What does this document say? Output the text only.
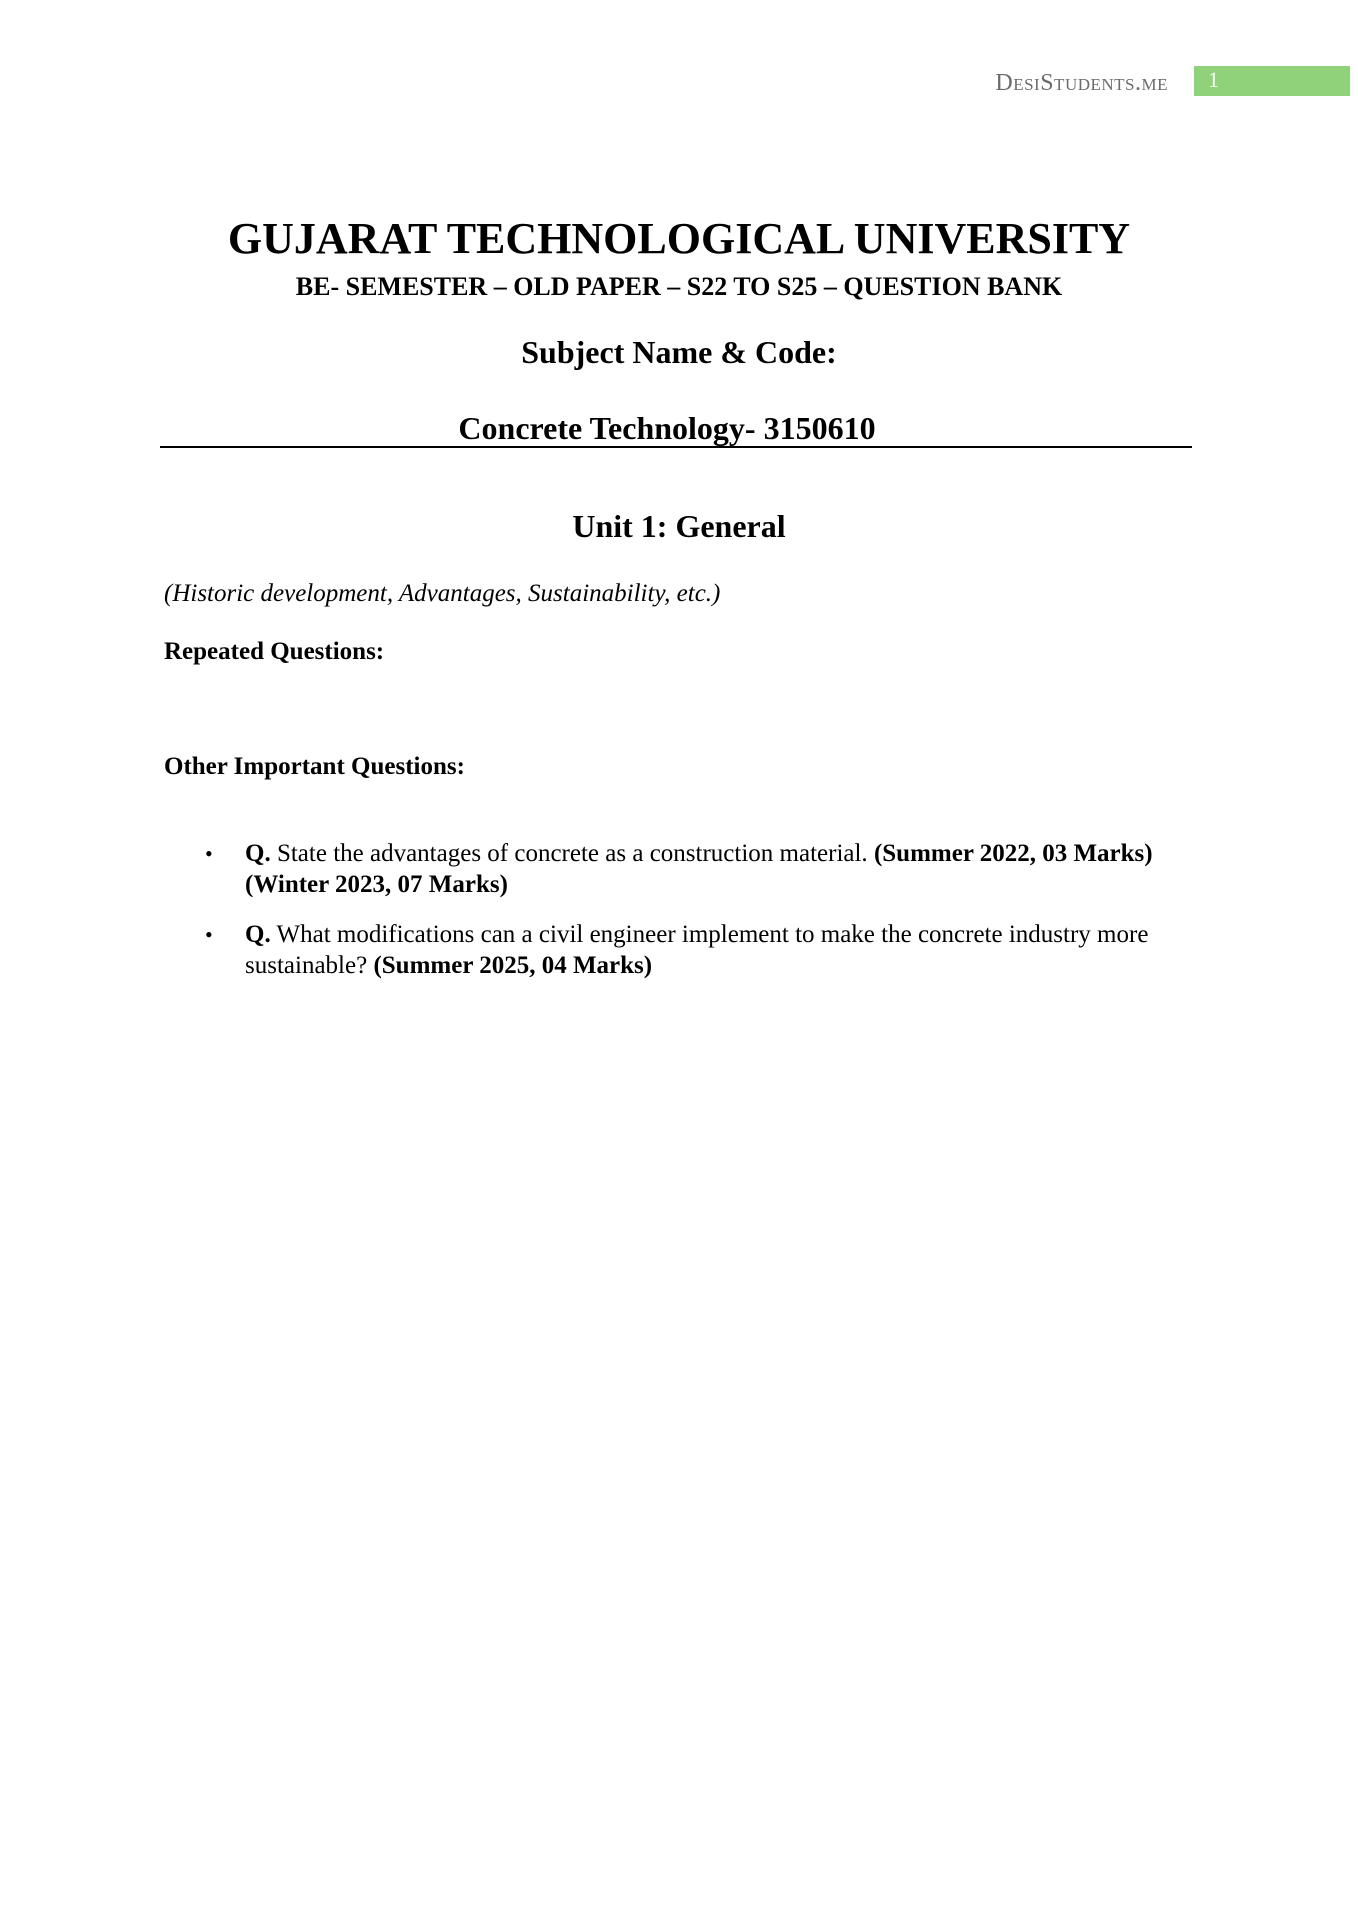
DesiStudents.me 1
GUJARAT TECHNOLOGICAL UNIVERSITY
BE- SEMESTER – OLD PAPER – S22 TO S25 – QUESTION BANK
Subject Name & Code:
Concrete Technology- 3150610
Unit 1: General
(Historic development, Advantages, Sustainability, etc.)
Repeated Questions:
Other Important Questions:
• Q. State the advantages of concrete as a construction material. (Summer 2022, 03 Marks) (Winter 2023, 07 Marks)
• Q. What modifications can a civil engineer implement to make the concrete industry more sustainable? (Summer 2025, 04 Marks)
